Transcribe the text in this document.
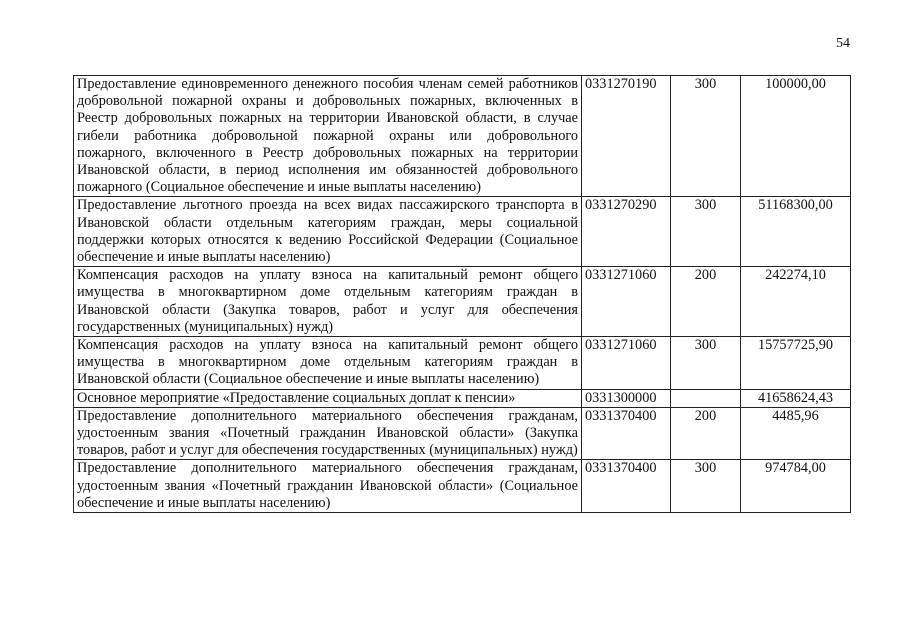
54
Предоставление единовременного денежного пособия членам семей работников добровольной пожарной охраны и добровольных пожарных, включенных в Реестр добровольных пожарных на территории Ивановской области, в случае гибели работника добровольной пожарной охраны или добровольного пожарного, включенного в Реестр добровольных пожарных на территории Ивановской области, в период исполнения им обязанностей добровольного пожарного (Социальное обеспечение и иные выплаты населению)	0331270190	300	100000,00
Предоставление льготного проезда на всех видах пассажирского транспорта в Ивановской области отдельным категориям граждан, меры социальной поддержки которых относятся к ведению Российской Федерации (Социальное обеспечение и иные выплаты населению)	0331270290	300	51168300,00
Компенсация расходов на уплату взноса на капитальный ремонт общего имущества в многоквартирном доме отдельным категориям граждан в Ивановской области (Закупка товаров, работ и услуг для обеспечения государственных (муниципальных) нужд)	0331271060	200	242274,10
Компенсация расходов на уплату взноса на капитальный ремонт общего имущества в многоквартирном доме отдельным категориям граждан в Ивановской области (Социальное обеспечение и иные выплаты населению)	0331271060	300	15757725,90
Основное мероприятие «Предоставление социальных доплат к пенсии»	0331300000		41658624,43
Предоставление дополнительного материального обеспечения гражданам, удостоенным звания «Почетный гражданин Ивановской области» (Закупка товаров, работ и услуг для обеспечения государственных (муниципальных) нужд)	0331370400	200	4485,96
Предоставление дополнительного материального обеспечения гражданам, удостоенным звания «Почетный гражданин Ивановской области» (Социальное обеспечение и иные выплаты населению)	0331370400	300	974784,00
